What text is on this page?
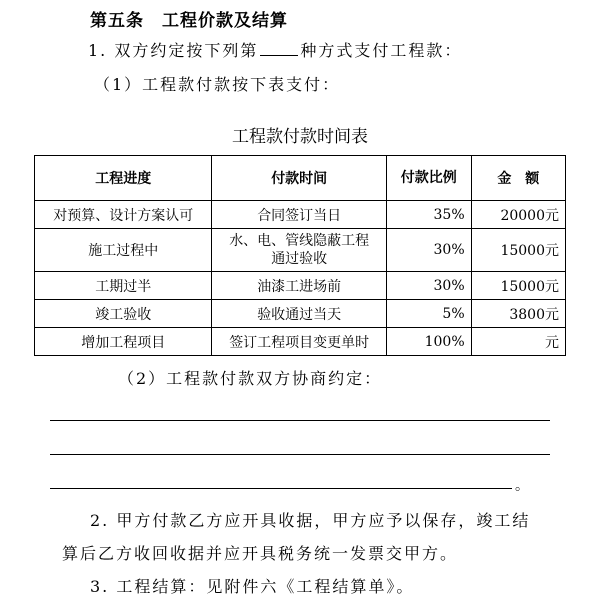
第五条　工程价款及结算
1. 双方约定按下列第	种方式支付工程款：
（1）工程款付款按下表支付：
工程款付款时间表
工程进度	付款时间	付款比例	金　额
对预算、设计方案认可	合同签订当日	35%	20000元
施工过程中	水、电、管线隐蔽工程通过验收	30%	15000元
工期过半	油漆工进场前	30%	15000元
竣工验收	验收通过当天	5%	3800元
增加工程项目	签订工程项目变更单时	100%	元
（2）工程款付款双方协商约定：
。
2. 甲方付款乙方应开具收据，甲方应予以保存，竣工结
算后乙方收回收据并应开具税务统一发票交甲方。
3. 工程结算：见附件六《工程结算单》。
